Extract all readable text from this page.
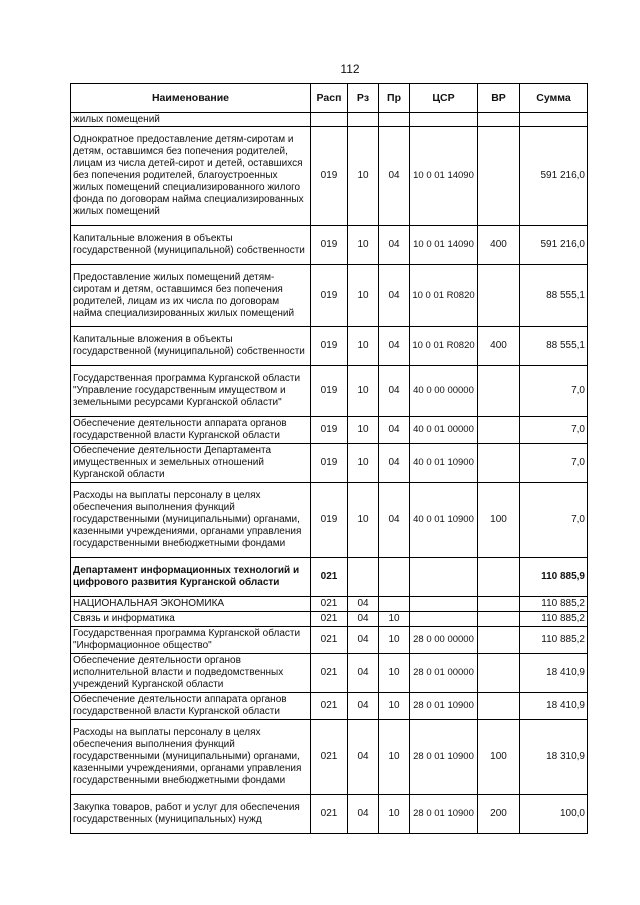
112
Наименование	Расп	Рз	Пр	ЦСР	ВР	Сумма
жилых помещений						
Однократное предоставление детям-сиротам и детям, оставшимся без попечения родителей, лицам из числа детей-сирот и детей, оставшихся без попечения родителей, благоустроенных жилых помещений специализированного жилого фонда по договорам найма специализированных жилых помещений	019	10	04	10 0 01 14090		591 216,0
Капитальные вложения в объекты государственной (муниципальной) собственности	019	10	04	10 0 01 14090	400	591 216,0
Предоставление жилых помещений детям-сиротам и детям, оставшимся без попечения родителей, лицам из их числа по договорам найма специализированных жилых помещений	019	10	04	10 0 01 R0820		88 555,1
Капитальные вложения в объекты государственной (муниципальной) собственности	019	10	04	10 0 01 R0820	400	88 555,1
Государственная программа Курганской области "Управление государственным имуществом и земельными ресурсами Курганской области"	019	10	04	40 0 00 00000		7,0
Обеспечение деятельности аппарата органов государственной власти Курганской области	019	10	04	40 0 01 00000		7,0
Обеспечение деятельности Департамента имущественных и земельных отношений Курганской области	019	10	04	40 0 01 10900		7,0
Расходы на выплаты персоналу в целях обеспечения выполнения функций государственными (муниципальными) органами, казенными учреждениями, органами управления государственными внебюджетными фондами	019	10	04	40 0 01 10900	100	7,0
Департамент информационных технологий и цифрового развития Курганской области	021					110 885,9
НАЦИОНАЛЬНАЯ ЭКОНОМИКА	021	04				110 885,2
Связь и информатика	021	04	10			110 885,2
Государственная программа Курганской области "Информационное общество"	021	04	10	28 0 00 00000		110 885,2
Обеспечение деятельности органов исполнительной власти и подведомственных учреждений Курганской области	021	04	10	28 0 01 00000		18 410,9
Обеспечение деятельности аппарата органов государственной власти Курганской области	021	04	10	28 0 01 10900		18 410,9
Расходы на выплаты персоналу в целях обеспечения выполнения функций государственными (муниципальными) органами, казенными учреждениями, органами управления государственными внебюджетными фондами	021	04	10	28 0 01 10900	100	18 310,9
Закупка товаров, работ и услуг для обеспечения государственных (муниципальных) нужд	021	04	10	28 0 01 10900	200	100,0
